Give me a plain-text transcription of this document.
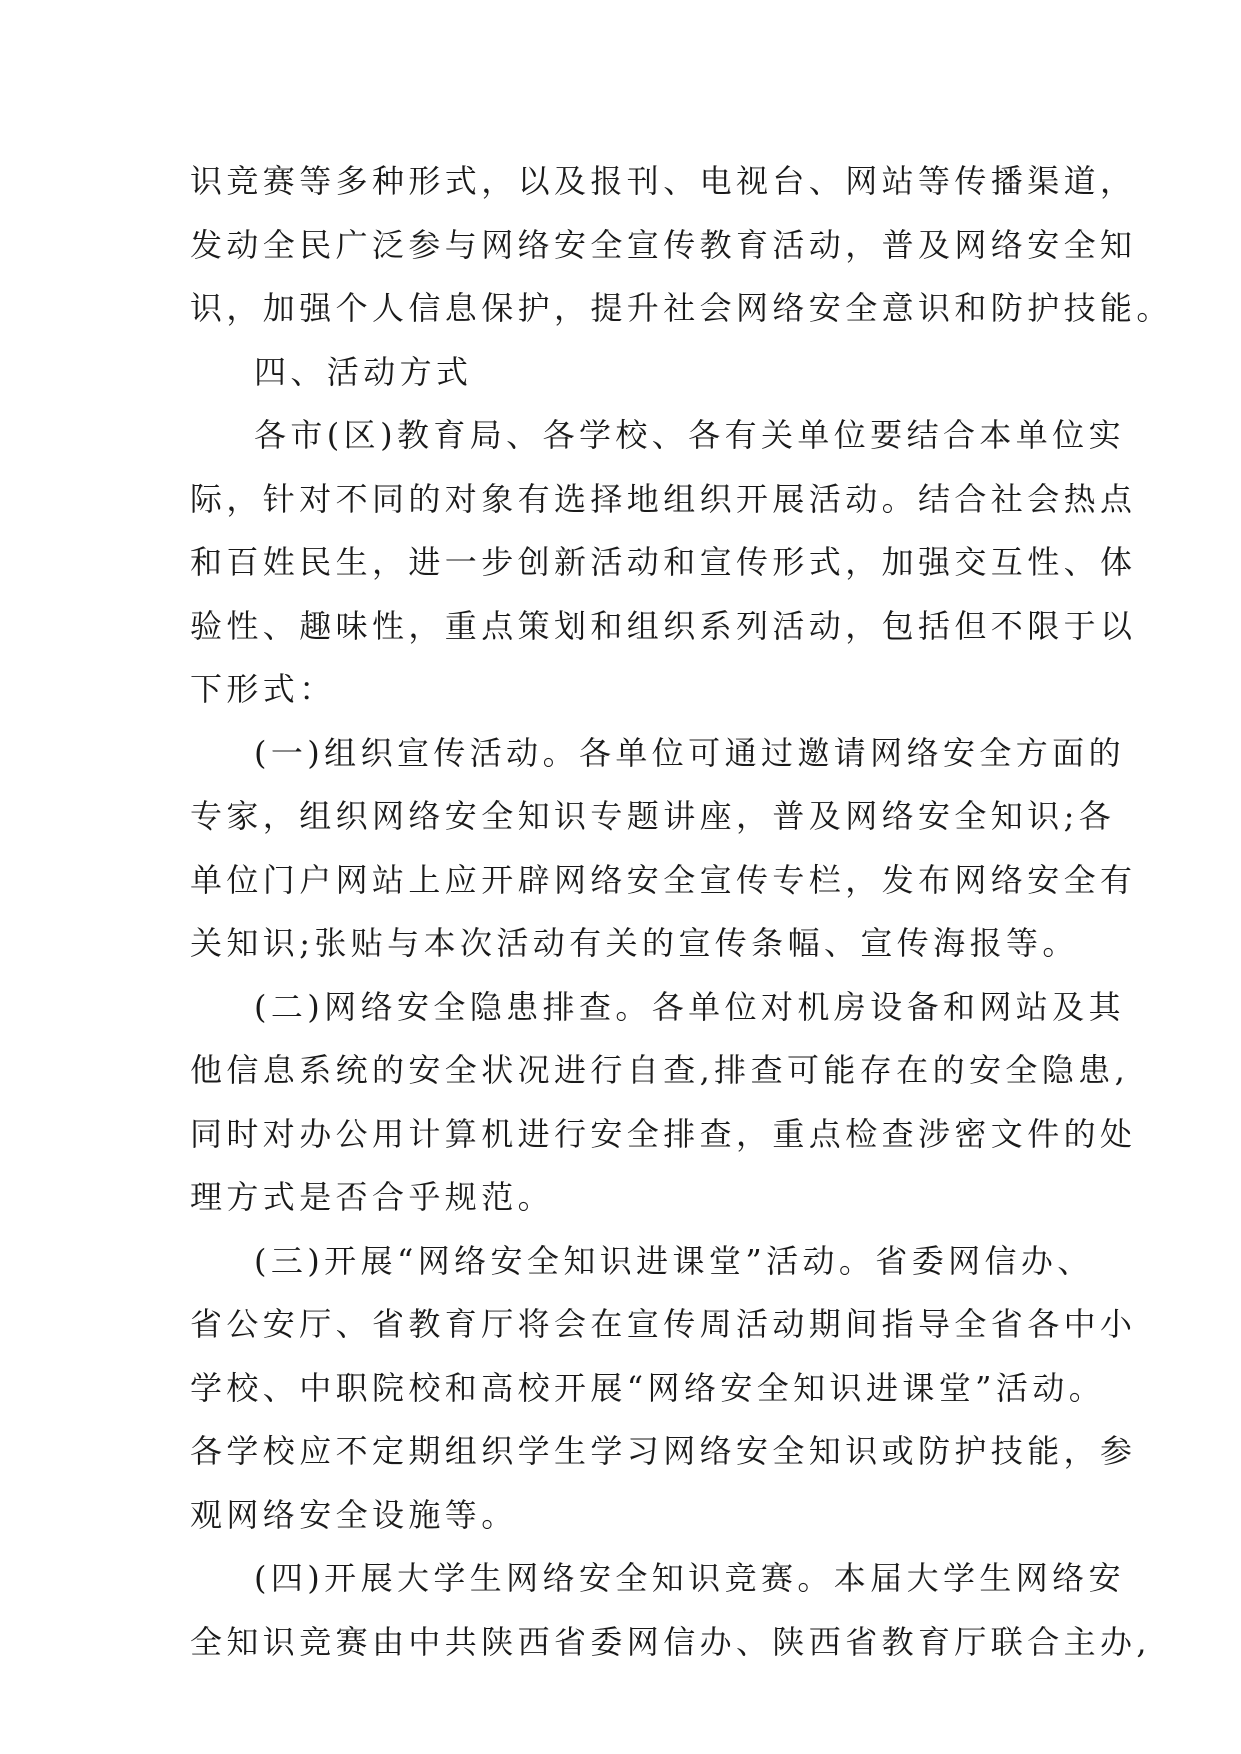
识竞赛等多种形式，以及报刊、电视台、网站等传播渠道，
发动全民广泛参与网络安全宣传教育活动，普及网络安全知
识，加强个人信息保护，提升社会网络安全意识和防护技能。
四、活动方式
各市(区)教育局、各学校、各有关单位要结合本单位实
际，针对不同的对象有选择地组织开展活动。结合社会热点
和百姓民生，进一步创新活动和宣传形式，加强交互性、体
验性、趣味性，重点策划和组织系列活动，包括但不限于以
下形式：
(一)组织宣传活动。各单位可通过邀请网络安全方面的
专家，组织网络安全知识专题讲座，普及网络安全知识;各
单位门户网站上应开辟网络安全宣传专栏，发布网络安全有
关知识;张贴与本次活动有关的宣传条幅、宣传海报等。
(二)网络安全隐患排查。各单位对机房设备和网站及其
他信息系统的安全状况进行自查,排查可能存在的安全隐患,
同时对办公用计算机进行安全排查，重点检查涉密文件的处
理方式是否合乎规范。
(三)开展“网络安全知识进课堂”活动。省委网信办、
省公安厅、省教育厅将会在宣传周活动期间指导全省各中小
学校、中职院校和高校开展“网络安全知识进课堂”活动。
各学校应不定期组织学生学习网络安全知识或防护技能，参
观网络安全设施等。
(四)开展大学生网络安全知识竞赛。本届大学生网络安
全知识竞赛由中共陕西省委网信办、陕西省教育厅联合主办,
